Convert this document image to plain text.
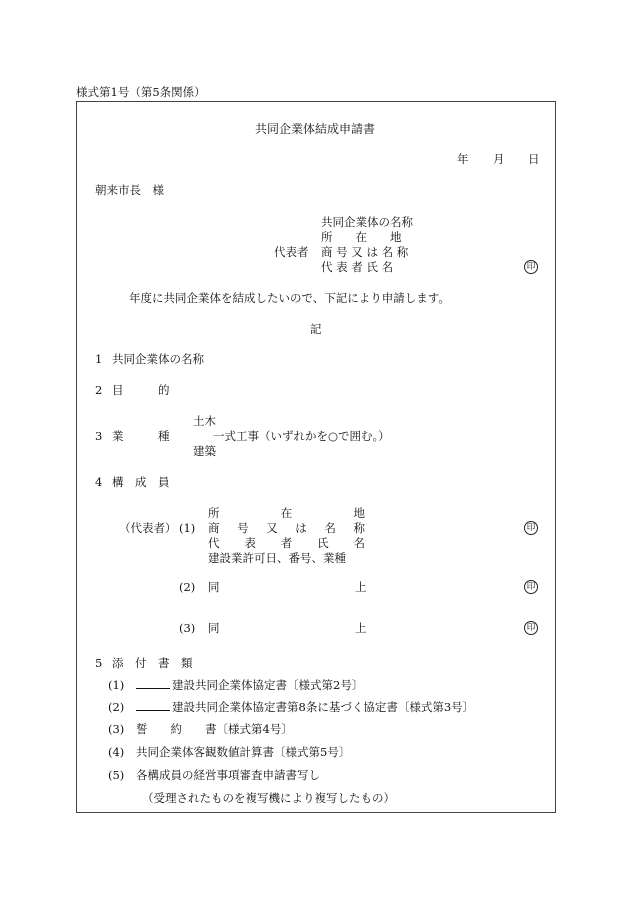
様式第1号（第5条関係）
共同企業体結成申請書
年 月 日
朝来市長　様
共同企業体の名称
所　　在　　地
代表者 商 号 又 は 名 称
代 表 者 氏 名	印
年度に共同企業体を結成したいので、下記により申請します。
記
1 共同企業体の名称
2 目　　　的
土木
3 業　　　種	一式工事（いずれかを○で囲む。）
建築
4 構　成　員
所	在	地
（代表者） (1) 商 号 又 は 名 称	印
代 表 者 氏 名
建設業許可日、番号、業種
(2) 同	上	印
(3) 同	上	印
5 添　付　書　類
(1)	建設共同企業体協定書〔様式第2号〕
(2)	建設共同企業体協定書第8条に基づく協定書〔様式第3号〕
(3) 誓　　約　　書〔様式第4号〕
(4) 共同企業体客観数値計算書〔様式第5号〕
(5) 各構成員の経営事項審査申請書写し
（受理されたものを複写機により複写したもの）
